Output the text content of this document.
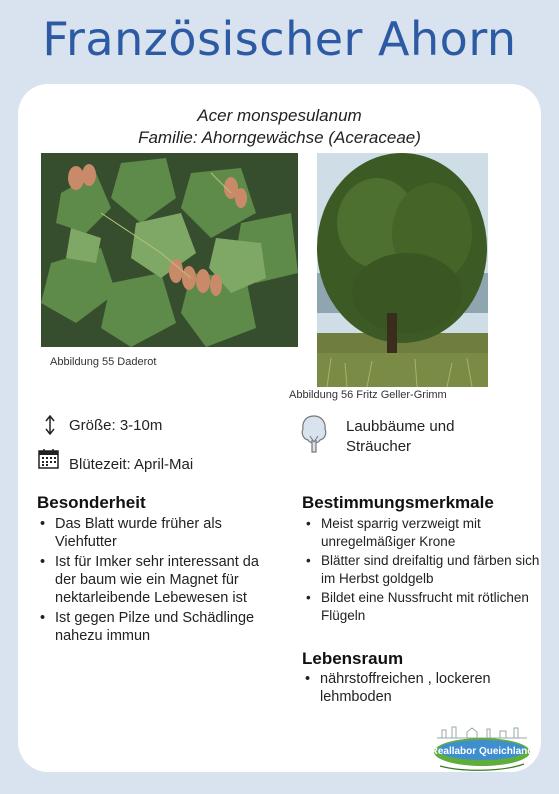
Französischer Ahorn
Acer monspesulanum
Familie: Ahorngewächse (Aceraceae)
Abbildung 55 Daderot
Abbildung 56 Fritz Geller-Grimm
Größe: 3-10m
Blütezeit: April-Mai
Laubbäume und
Sträucher
Besonderheit
• Das Blatt wurde früher als Viehfutter
• Ist für Imker sehr interessant da der baum wie ein Magnet für nektarleibende Lebewesen ist
• Ist gegen Pilze und Schädlinge nahezu immun
Bestimmungsmerkmale
• Meist sparrig verzweigt mit unregelmäßiger Krone
• Blätter sind dreifaltig und färben sich im Herbst goldgelb
• Bildet eine Nussfrucht mit rötlichen Flügeln
Lebensraum
• nährstoffreichen , lockeren lehmboden
Reallabor Queichland
